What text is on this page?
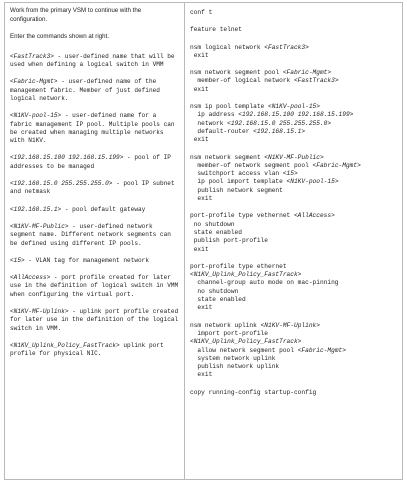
Work from the primary VSM to continue with the configuration.

Enter the commands shown at right.

<FastTrack3> - user-defined name that will be used when defining a logical switch in VMM

<Fabric-Mgmt> - user-defined name of the management fabric. Member of just defined logical network.

<N1KV-pool-15> - user-defined name for a fabric management IP pool. Multiple pools can be created when managing multiple networks with N1KV.

<192.168.15.100 192.168.15.199> - pool of IP addresses to be managed

<192.168.15.0 255.255.255.0> - pool IP subnet and netmask

<192.168.15.1> - pool default gateway

<N1KV-MF-Public> - user-defined network segment name. Different network segments can be defined using different IP pools.

<15> - VLAN tag for management network

<AllAccess> - port profile created for later use in the definition of logical switch in VMM when configuring the virtual port.

<N1KV-MF-Uplink> - uplink port profile created for later use in the definition of the logical switch in VMM.

<N1KV_Uplink_Policy_FastTrack> uplink port profile for physical NIC.

conf t
feature telnet
nsm logical network <FastTrack3>
exit
nsm network segment pool <Fabric-Mgmt>
member-of logical network <FastTrack3>
exit
nsm ip pool template <N1KV-pool-15>
ip address <192.168.15.100 192.168.15.199>
network <192.168.15.0 255.255.255.0>
default-router <192.168.15.1>
exit
nsm network segment <N1KV-MF-Public>
member-of network segment pool <Fabric-Mgmt>
switchport access vlan <15>
ip pool import template <N1KV-pool-15>
publish network segment
exit
port-profile type vethernet <AllAccess>
no shutdown
state enabled
publish port-profile
exit
port-profile type ethernet
<N1KV_Uplink_Policy_FastTrack>
channel-group auto mode on mac-pinning
no shutdown
state enabled
exit
nsm network uplink <N1KV-MF-Uplink>
import port-profile
<N1KV_Uplink_Policy_FastTrack>
allow network segment pool <Fabric-Mgmt>
system network uplink
publish network uplink
exit
copy running-config startup-config
